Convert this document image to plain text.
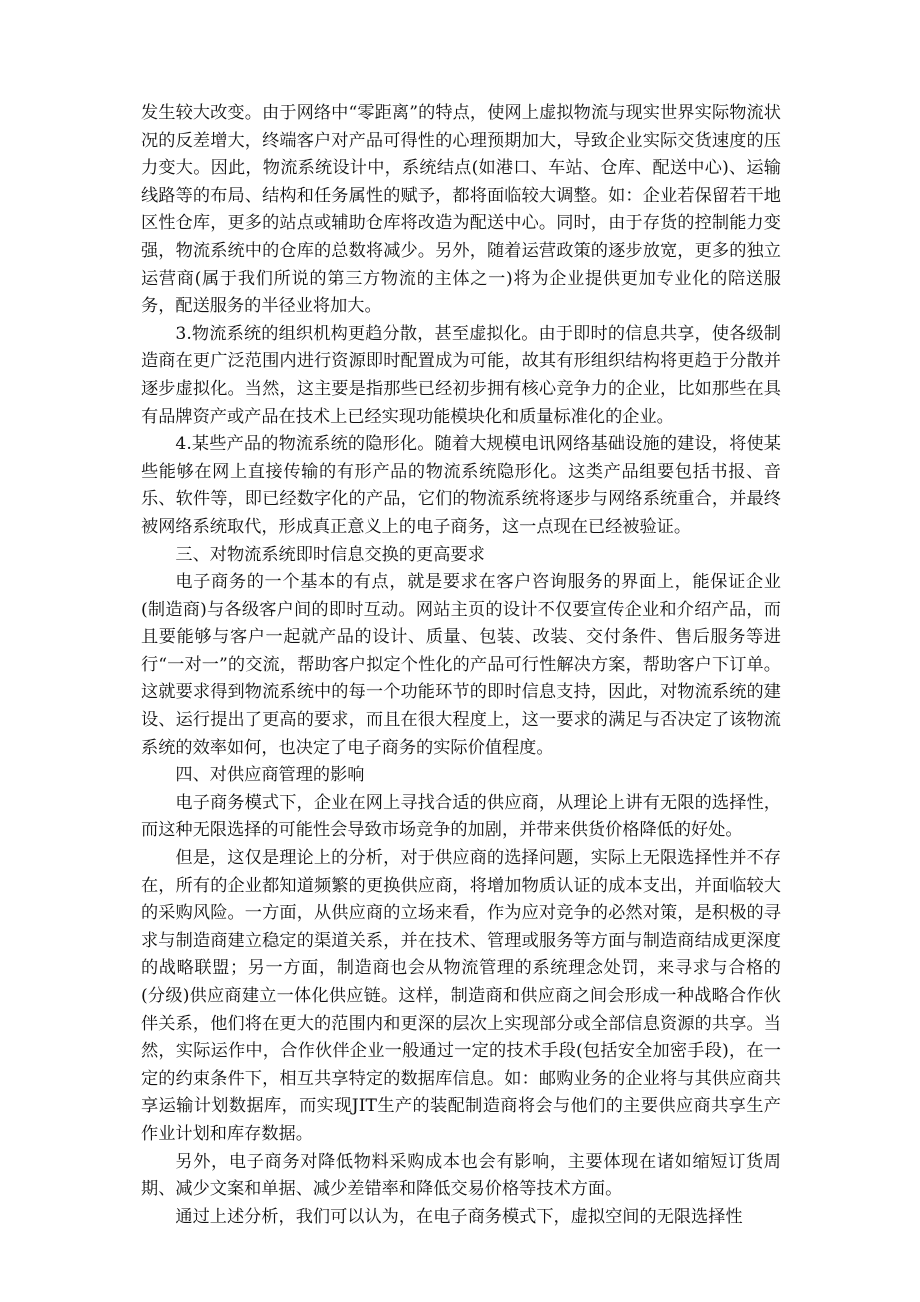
发生较大改变。由于网络中“零距离”的特点，使网上虚拟物流与现实世界实际物流状况的反差增大，终端客户对产品可得性的心理预期加大，导致企业实际交货速度的压力变大。因此，物流系统设计中，系统结点(如港口、车站、仓库、配送中心)、运输线路等的布局、结构和任务属性的赋予，都将面临较大调整。如：企业若保留若干地区性仓库，更多的站点或辅助仓库将改造为配送中心。同时，由于存货的控制能力变强，物流系统中的仓库的总数将减少。另外，随着运营政策的逐步放宽，更多的独立运营商(属于我们所说的第三方物流的主体之一)将为企业提供更加专业化的陪送服务，配送服务的半径业将加大。

3.物流系统的组织机构更趋分散，甚至虚拟化。由于即时的信息共享，使各级制造商在更广泛范围内进行资源即时配置成为可能，故其有形组织结构将更趋于分散并逐步虚拟化。当然，这主要是指那些已经初步拥有核心竞争力的企业，比如那些在具有品牌资产或产品在技术上已经实现功能模块化和质量标准化的企业。

4.某些产品的物流系统的隐形化。随着大规模电讯网络基础设施的建设，将使某些能够在网上直接传输的有形产品的物流系统隐形化。这类产品组要包括书报、音乐、软件等，即已经数字化的产品，它们的物流系统将逐步与网络系统重合，并最终被网络系统取代，形成真正意义上的电子商务，这一点现在已经被验证。

三、对物流系统即时信息交换的更高要求

电子商务的一个基本的有点，就是要求在客户咨询服务的界面上，能保证企业(制造商)与各级客户间的即时互动。网站主页的设计不仅要宣传企业和介绍产品，而且要能够与客户一起就产品的设计、质量、包装、改装、交付条件、售后服务等进行“一对一”的交流，帮助客户拟定个性化的产品可行性解决方案，帮助客户下订单。这就要求得到物流系统中的每一个功能环节的即时信息支持，因此，对物流系统的建设、运行提出了更高的要求，而且在很大程度上，这一要求的满足与否决定了该物流系统的效率如何，也决定了电子商务的实际价值程度。

四、对供应商管理的影响

电子商务模式下，企业在网上寻找合适的供应商，从理论上讲有无限的选择性，而这种无限选择的可能性会导致市场竞争的加剧，并带来供货价格降低的好处。

但是，这仅是理论上的分析，对于供应商的选择问题，实际上无限选择性并不存在，所有的企业都知道频繁的更换供应商，将增加物质认证的成本支出，并面临较大的采购风险。一方面，从供应商的立场来看，作为应对竞争的必然对策，是积极的寻求与制造商建立稳定的渠道关系，并在技术、管理或服务等方面与制造商结成更深度的战略联盟；另一方面，制造商也会从物流管理的系统理念处罚，来寻求与合格的(分级)供应商建立一体化供应链。这样，制造商和供应商之间会形成一种战略合作伙伴关系，他们将在更大的范围内和更深的层次上实现部分或全部信息资源的共享。当然，实际运作中，合作伙伴企业一般通过一定的技术手段(包括安全加密手段)，在一定的约束条件下，相互共享特定的数据库信息。如：邮购业务的企业将与其供应商共享运输计划数据库，而实现JIT生产的装配制造商将会与他们的主要供应商共享生产作业计划和库存数据。

另外，电子商务对降低物料采购成本也会有影响，主要体现在诸如缩短订货周期、减少文案和单据、减少差错率和降低交易价格等技术方面。

通过上述分析，我们可以认为，在电子商务模式下，虚拟空间的无限选择性
